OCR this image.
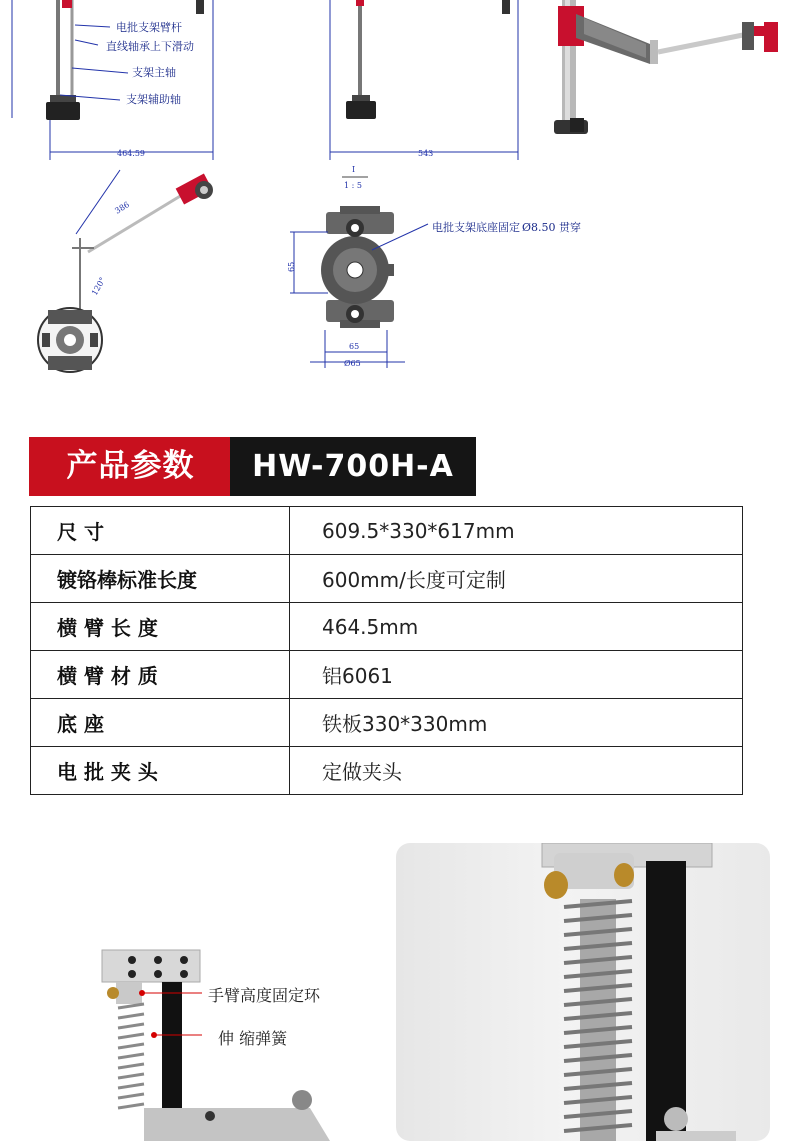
电批支架臂杆
直线轴承上下滑动
支架主轴
支架辅助轴
464.59	543
I
1 : 5
386
120°
65
65
Ø65
电批支架底座固定 Ø8.50 贯穿
产品参数	HW-700H-A
尺 寸	609.5*330*617mm
镀铬棒标准长度	600mm/长度可定制
横 臂 长 度	464.5mm
横 臂 材 质	铝6061
底 座	铁板330*330mm
电 批 夹 头	定做夹头
手臂高度固定环
伸 缩弹簧
